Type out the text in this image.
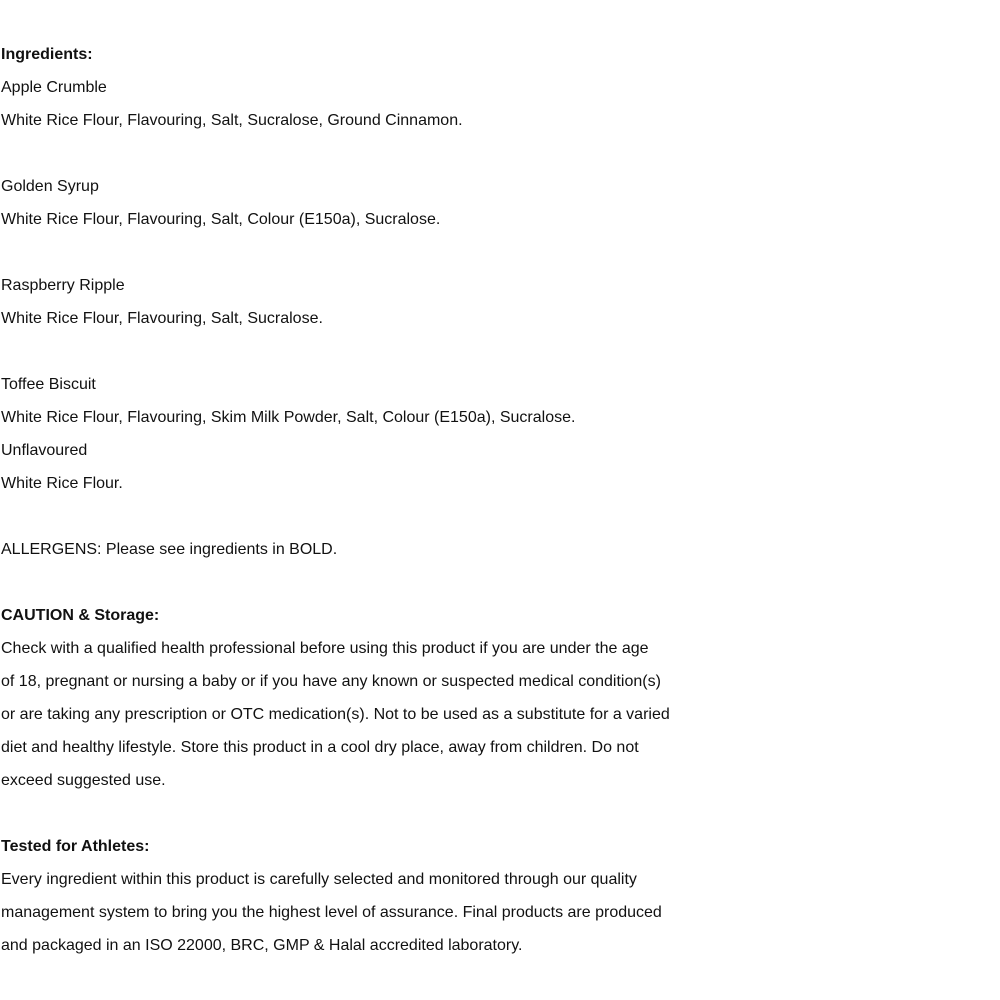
Ingredients:
Apple Crumble
White Rice Flour, Flavouring, Salt, Sucralose, Ground Cinnamon.
Golden Syrup
White Rice Flour, Flavouring, Salt, Colour (E150a), Sucralose.
Raspberry Ripple
White Rice Flour, Flavouring, Salt, Sucralose.
Toffee Biscuit
White Rice Flour, Flavouring, Skim Milk Powder, Salt, Colour (E150a), Sucralose.
Unflavoured
White Rice Flour.
ALLERGENS: Please see ingredients in BOLD.
CAUTION & Storage:
Check with a qualified health professional before using this product if you are under the age
of 18, pregnant or nursing a baby or if you have any known or suspected medical condition(s)
or are taking any prescription or OTC medication(s). Not to be used as a substitute for a varied
diet and healthy lifestyle. Store this product in a cool dry place, away from children. Do not
exceed suggested use.
Tested for Athletes:
Every ingredient within this product is carefully selected and monitored through our quality
management system to bring you the highest level of assurance. Final products are produced
and packaged in an ISO 22000, BRC, GMP & Halal accredited laboratory.
